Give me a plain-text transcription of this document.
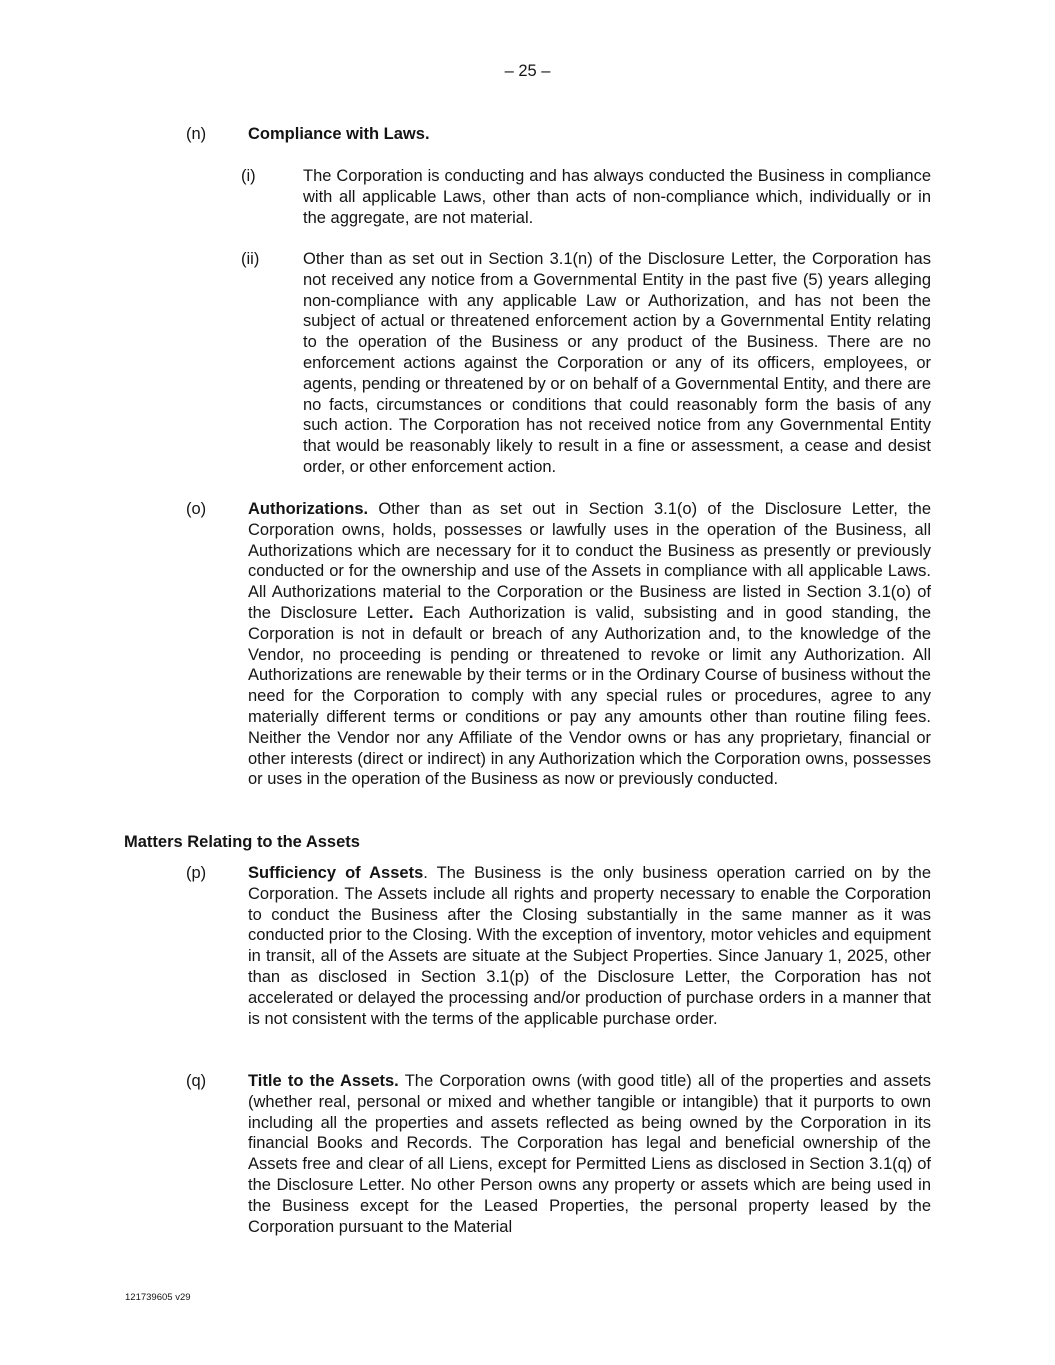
– 25 –
(n)	Compliance with Laws.
(i)	The Corporation is conducting and has always conducted the Business in compliance with all applicable Laws, other than acts of non-compliance which, individually or in the aggregate, are not material.

(ii)	Other than as set out in Section 3.1(n) of the Disclosure Letter, the Corporation has not received any notice from a Governmental Entity in the past five (5) years alleging non-compliance with any applicable Law or Authorization, and has not been the subject of actual or threatened enforcement action by a Governmental Entity relating to the operation of the Business or any product of the Business. There are no enforcement actions against the Corporation or any of its officers, employees, or agents, pending or threatened by or on behalf of a Governmental Entity, and there are no facts, circumstances or conditions that could reasonably form the basis of any such action. The Corporation has not received notice from any Governmental Entity that would be reasonably likely to result in a fine or assessment, a cease and desist order, or other enforcement action.

(o)	Authorizations. Other than as set out in Section 3.1(o) of the Disclosure Letter, the Corporation owns, holds, possesses or lawfully uses in the operation of the Business, all Authorizations which are necessary for it to conduct the Business as presently or previously conducted or for the ownership and use of the Assets in compliance with all applicable Laws. All Authorizations material to the Corporation or the Business are listed in Section 3.1(o) of the Disclosure Letter. Each Authorization is valid, subsisting and in good standing, the Corporation is not in default or breach of any Authorization and, to the knowledge of the Vendor, no proceeding is pending or threatened to revoke or limit any Authorization. All Authorizations are renewable by their terms or in the Ordinary Course of business without the need for the Corporation to comply with any special rules or procedures, agree to any materially different terms or conditions or pay any amounts other than routine filing fees. Neither the Vendor nor any Affiliate of the Vendor owns or has any proprietary, financial or other interests (direct or indirect) in any Authorization which the Corporation owns, possesses or uses in the operation of the Business as now or previously conducted.

Matters Relating to the Assets
(p)	Sufficiency of Assets. The Business is the only business operation carried on by the Corporation. The Assets include all rights and property necessary to enable the Corporation to conduct the Business after the Closing substantially in the same manner as it was conducted prior to the Closing. With the exception of inventory, motor vehicles and equipment in transit, all of the Assets are situate at the Subject Properties. Since January 1, 2025, other than as disclosed in Section 3.1(p) of the Disclosure Letter, the Corporation has not accelerated or delayed the processing and/or production of purchase orders in a manner that is not consistent with the terms of the applicable purchase order.

(q)	Title to the Assets. The Corporation owns (with good title) all of the properties and assets (whether real, personal or mixed and whether tangible or intangible) that it purports to own including all the properties and assets reflected as being owned by the Corporation in its financial Books and Records. The Corporation has legal and beneficial ownership of the Assets free and clear of all Liens, except for Permitted Liens as disclosed in Section 3.1(q) of the Disclosure Letter. No other Person owns any property or assets which are being used in the Business except for the Leased Properties, the personal property leased by the Corporation pursuant to the Material

121739605 v29
